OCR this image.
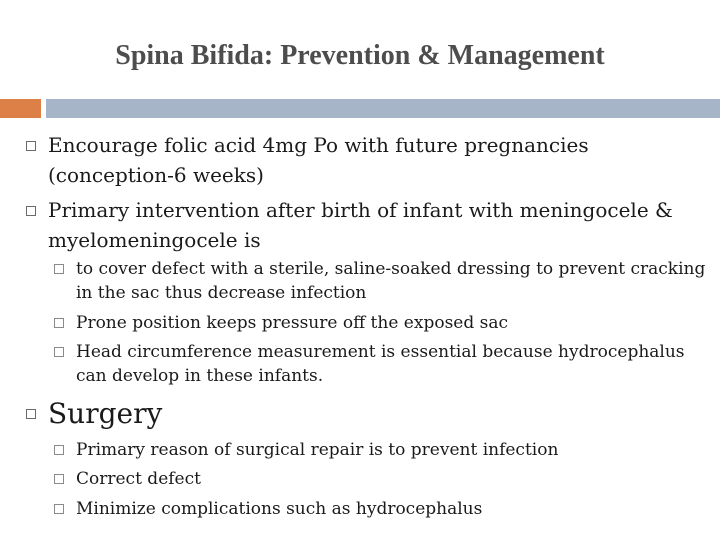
Spina Bifida: Prevention & Management
Encourage folic acid 4mg Po with future pregnancies (conception-6 weeks)
Primary intervention after birth of infant with meningocele & myelomeningocele is
to cover defect with a sterile, saline-soaked dressing to prevent cracking in the sac thus decrease infection
Prone position keeps pressure off the exposed sac
Head circumference measurement is essential because hydrocephalus can develop in these infants.
Surgery
Primary reason of surgical repair is to prevent infection
Correct defect
Minimize complications such as hydrocephalus
